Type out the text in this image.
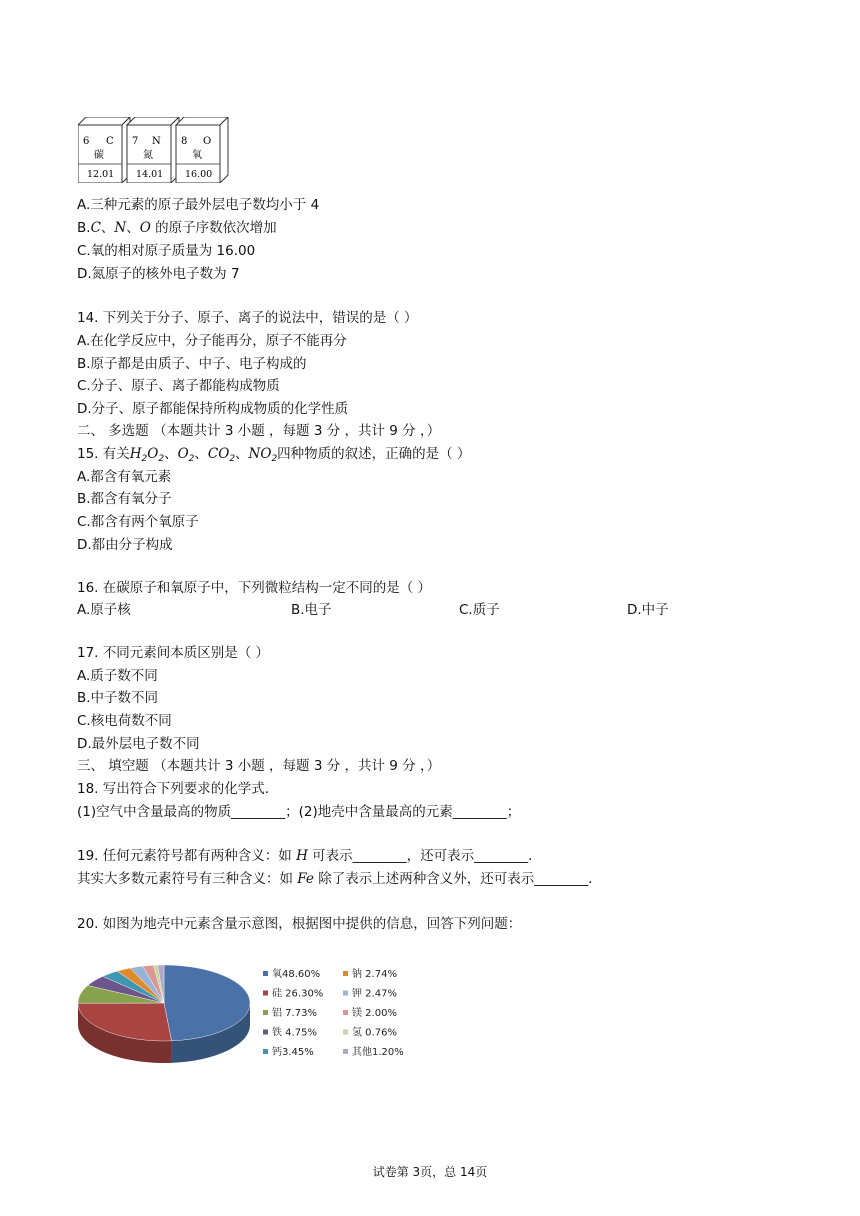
6 C
碳
12.01
7 N
氮
14.01
8 O
氧
16.00
A.三种元素的原子最外层电子数均小于 4
B.C、N、O 的原子序数依次增加
C.氧的相对原子质量为 16.00
D.氮原子的核外电子数为 7
14. 下列关于分子、原子、离子的说法中，错误的是（ ）
A.在化学反应中，分子能再分，原子不能再分
B.原子都是由质子、中子、电子构成的
C.分子、原子、离子都能构成物质
D.分子、原子都能保持所构成物质的化学性质
二、 多选题 （本题共计 3 小题 ，每题 3 分 ，共计 9 分 ，）
15. 有关$H_2O_2$、$O_2$、$CO_2$、$NO_2$四种物质的叙述，正确的是（ ）
A.都含有氧元素
B.都含有氧分子
C.都含有两个氧原子
D.都由分子构成
16. 在碳原子和氧原子中，下列微粒结构一定不同的是（ ）
A.原子核	B.电子	C.质子	D.中子
17. 不同元素间本质区别是（ ）
A.质子数不同
B.中子数不同
C.核电荷数不同
D.最外层电子数不同
三、 填空题 （本题共计 3 小题 ，每题 3 分 ，共计 9 分 ，）
18. 写出符合下列要求的化学式．
(1)空气中含量最高的物质________；(2)地壳中含量最高的元素________；
19. 任何元素符号都有两种含义：如 H 可表示________，还可表示________．
其实大多数元素符号有三种含义：如 Fe 除了表示上述两种含义外，还可表示________．
20. 如图为地壳中元素含量示意图，根据图中提供的信息，回答下列问题：
氧48.60%
硅 26.30%
铝 7.73%
铁 4.75%
钙3.45%
钠 2.74%
钾 2.47%
镁 2.00%
氢 0.76%
其他1.20%
试卷第 3页，总 14页
